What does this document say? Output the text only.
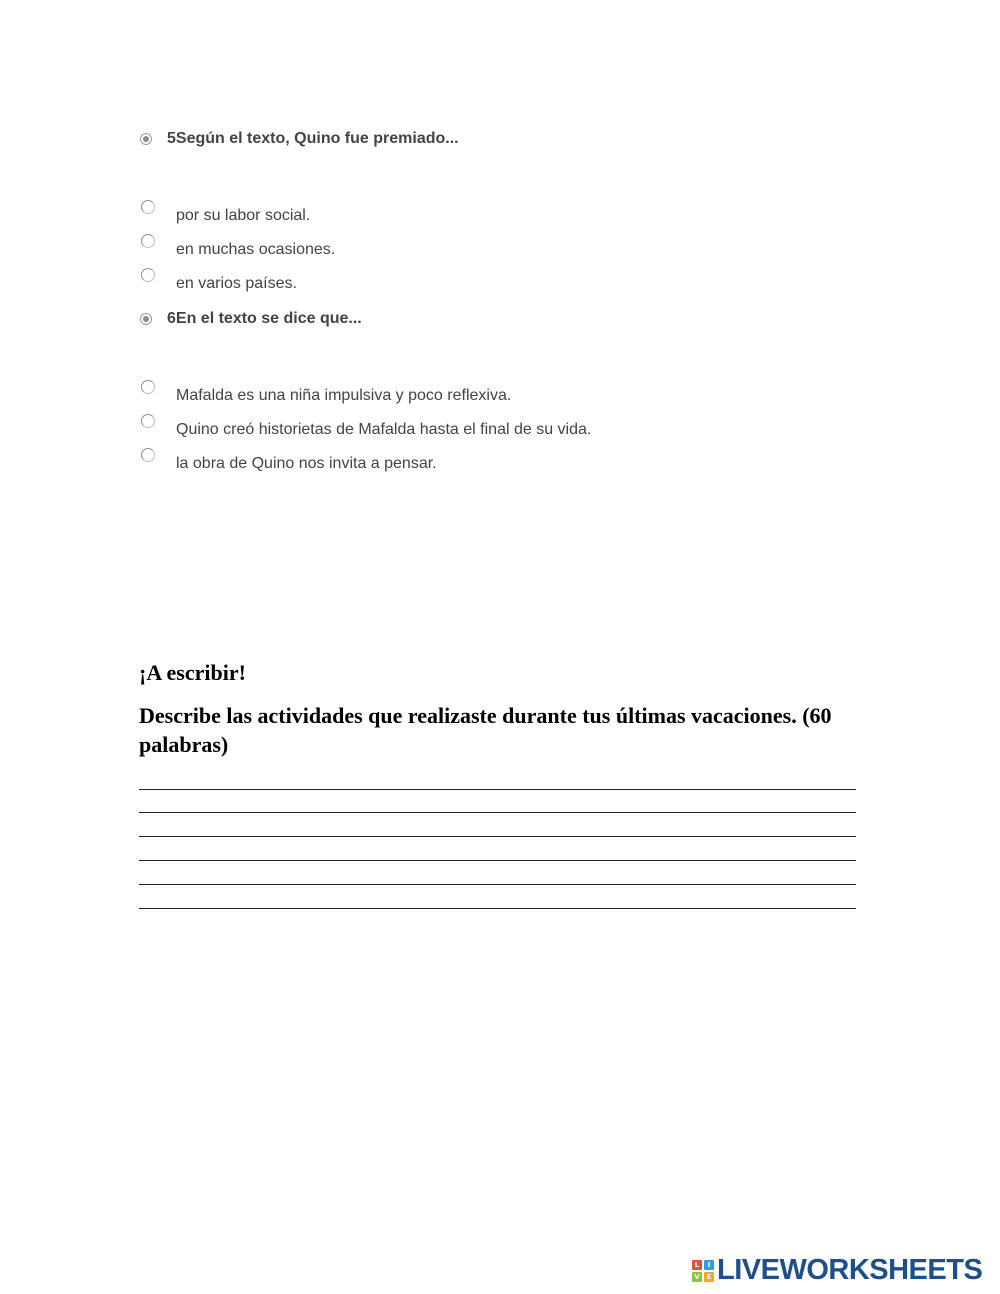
5 Según el texto, Quino fue premiado...
por su labor social.
en muchas ocasiones.
en varios países.
6 En el texto se dice que...
Mafalda es una niña impulsiva y poco reflexiva.
Quino creó historietas de Mafalda hasta el final de su vida.
la obra de Quino nos invita a pensar.
¡A escribir!

Describe las actividades que realizaste durante tus últimas vacaciones. (60 palabras)

L	I
V E LIVEWORKSHEETS
